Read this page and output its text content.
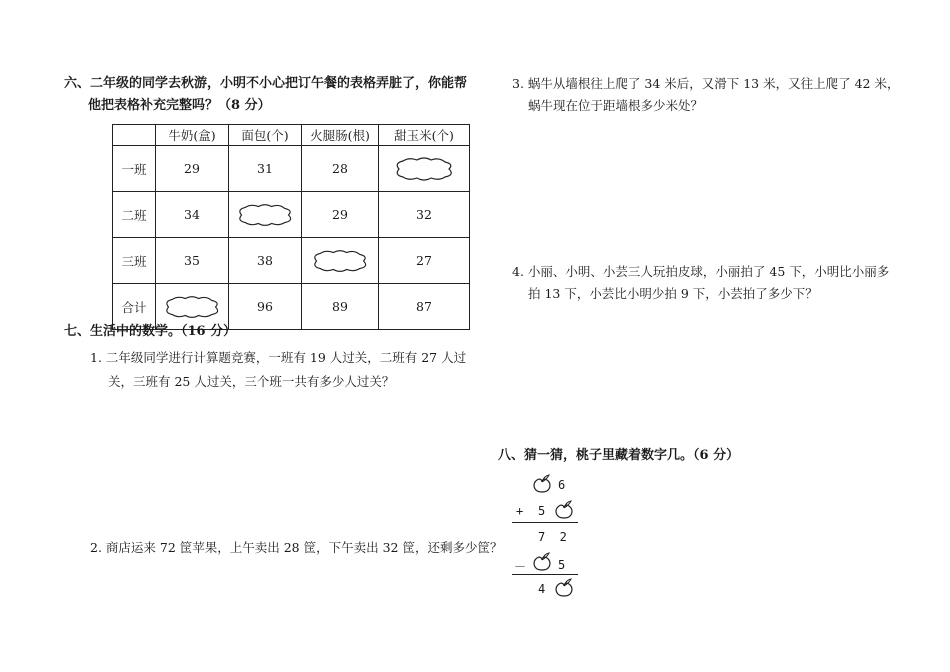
六、二年级的同学去秋游，小明不小心把订午餐的表格弄脏了，你能帮
他把表格补充完整吗？（8 分）
	牛奶(盒)	面包(个)	火腿肠(根)	甜玉米(个)
一班	29	31	28	
二班	34		29	32
三班	35	38		27
合计		96	89	87
七、生活中的数学。（16 分）
1. 二年级同学进行计算题竞赛，一班有 19 人过关，二班有 27 人过
关，三班有 25 人过关，三个班一共有多少人过关？
2. 商店运来 72 筐苹果，上午卖出 28 筐，下午卖出 32 筐，还剩多少筐？
3. 蜗牛从墙根往上爬了 34 米后，又滑下 13 米，又往上爬了 42 米，
蜗牛现在位于距墙根多少米处？
4. 小丽、小明、小芸三人玩拍皮球，小丽拍了 45 下，小明比小丽多
拍 13 下，小芸比小明少拍 9 下，小芸拍了多少下？
八、猜一猜，桃子里藏着数字几。（6 分）
6
+ 5
7  2
－	5
4
